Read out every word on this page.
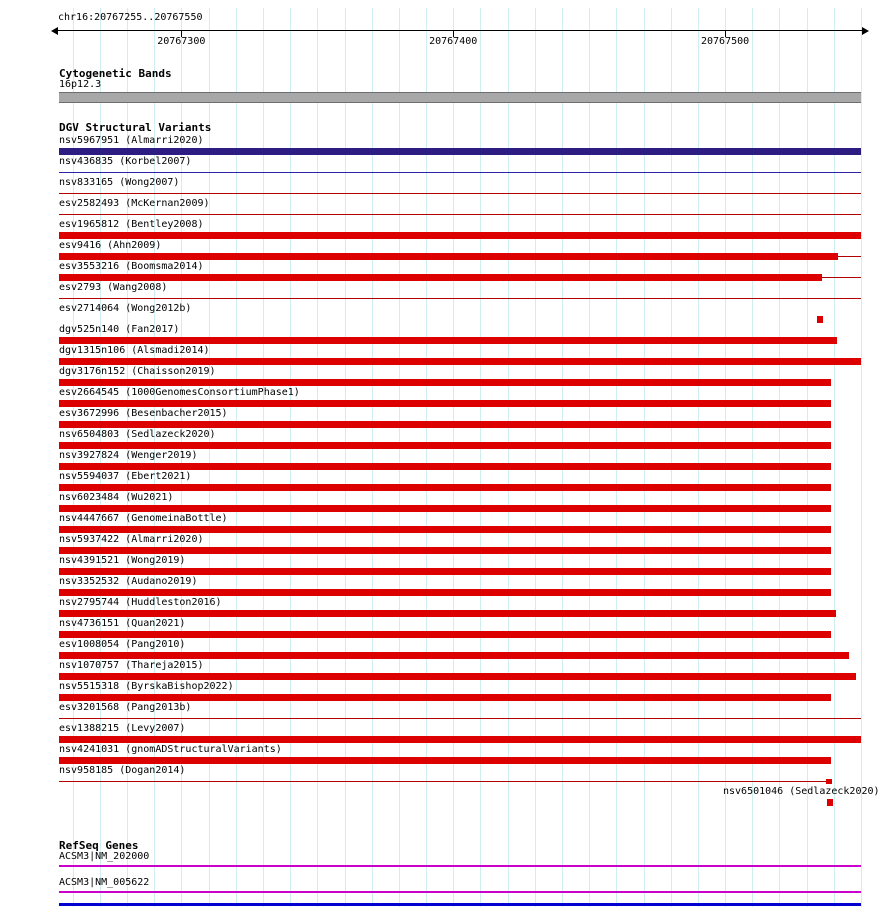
chr16:20767255..20767550
20767300	20767400	20767500
Cytogenetic Bands
16p12.3
DGV Structural Variants
nsv5967951 (Almarri2020)
nsv436835 (Korbel2007)
nsv833165 (Wong2007)
esv2582493 (McKernan2009)
esv1965812 (Bentley2008)
esv9416 (Ahn2009)
esv3553216 (Boomsma2014)
esv2793 (Wang2008)
esv2714064 (Wong2012b)
dgv525n140 (Fan2017)
dgv1315n106 (Alsmadi2014)
dgv3176n152 (Chaisson2019)
esv2664545 (1000GenomesConsortiumPhase1)
esv3672996 (Besenbacher2015)
nsv6504803 (Sedlazeck2020)
nsv3927824 (Wenger2019)
nsv5594037 (Ebert2021)
nsv6023484 (Wu2021)
nsv4447667 (GenomeinaBottle)
nsv5937422 (Almarri2020)
nsv4391521 (Wong2019)
nsv3352532 (Audano2019)
nsv2795744 (Huddleston2016)
nsv4736151 (Quan2021)
esv1008054 (Pang2010)
nsv1070757 (Thareja2015)
nsv5515318 (ByrskaBishop2022)
esv3201568 (Pang2013b)
esv1388215 (Levy2007)
nsv4241031 (gnomADStructuralVariants)
nsv958185 (Dogan2014)
nsv6501046 (Sedlazeck2020)
RefSeq Genes
ACSM3|NM_202000
ACSM3|NM_005622
